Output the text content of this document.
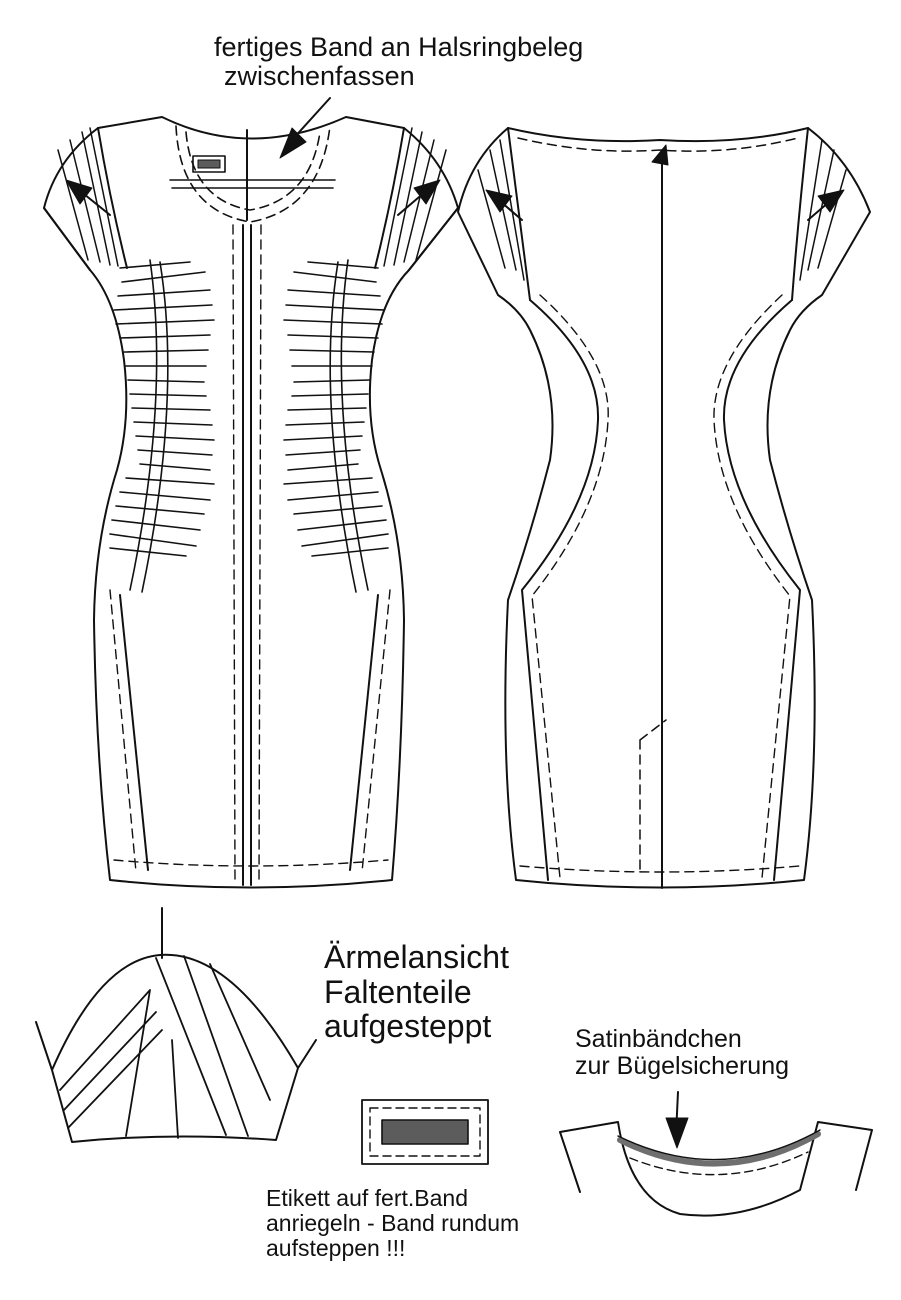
fertiges Band an Halsringbeleg
zwischenfassen
Ärmelansicht
Faltenteile
aufgesteppt	Satinbändchen
zur Bügelsicherung
Etikett auf fert.Band
anriegeln - Band rundum
aufsteppen !!!
